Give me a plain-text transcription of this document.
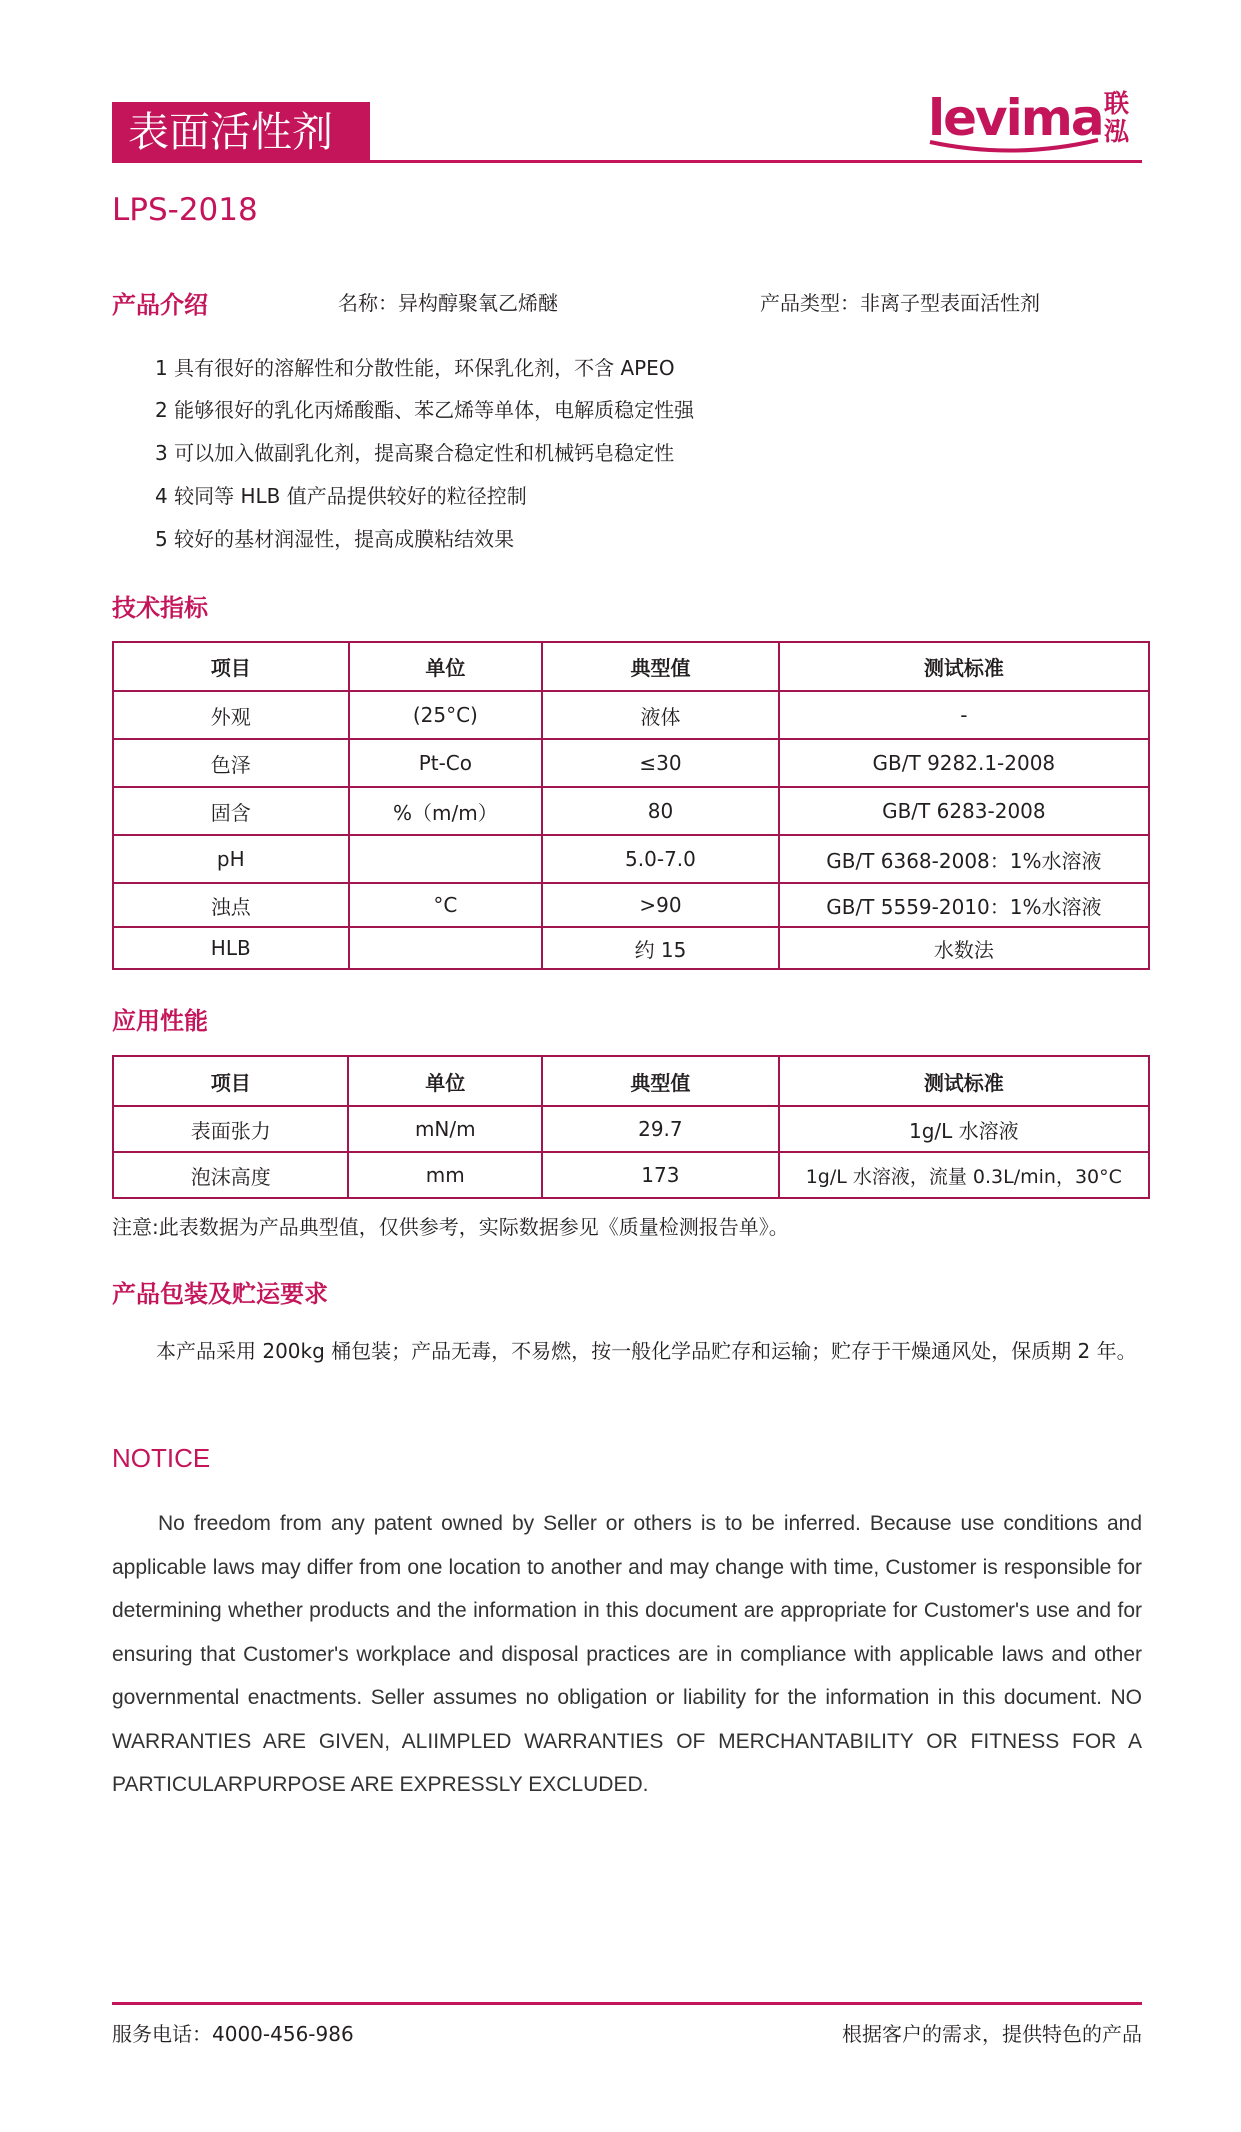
表面活性剂	levima 联泓
LPS-2018
产品介绍	名称：异构醇聚氧乙烯醚	产品类型：非离子型表面活性剂
1 具有很好的溶解性和分散性能，环保乳化剂，不含 APEO
2 能够很好的乳化丙烯酸酯、苯乙烯等单体，电解质稳定性强
3 可以加入做副乳化剂，提高聚合稳定性和机械钙皂稳定性
4 较同等 HLB 值产品提供较好的粒径控制
5 较好的基材润湿性，提高成膜粘结效果
技术指标
项目	单位	典型值	测试标准
外观	(25°C)	液体	-
色泽	Pt-Co	≤30	GB/T 9282.1-2008
固含	%（m/m）	80	GB/T 6283-2008
pH		5.0-7.0	GB/T 6368-2008：1%水溶液
浊点	°C	>90	GB/T 5559-2010：1%水溶液
HLB		约 15	水数法
应用性能
项目	单位	典型值	测试标准
表面张力	mN/m	29.7	1g/L 水溶液
泡沫高度	mm	173	1g/L 水溶液，流量 0.3L/min，30°C
注意:此表数据为产品典型值，仅供参考，实际数据参见《质量检测报告单》。
产品包装及贮运要求
本产品采用 200kg 桶包装；产品无毒，不易燃，按一般化学品贮存和运输；贮存于干燥通风处，保质期 2 年。
NOTICE
No freedom from any patent owned by Seller or others is to be inferred. Because use conditions and applicable laws may differ from one location to another and may change with time, Customer is responsible for determining whether products and the information in this document are appropriate for Customer's use and for ensuring that Customer's workplace and disposal practices are in compliance with applicable laws and other governmental enactments. Seller assumes no obligation or liability for the information in this document. NO WARRANTIES ARE GIVEN, ALIIMPLED WARRANTIES OF MERCHANTABILITY OR FITNESS FOR A PARTICULARPURPOSE ARE EXPRESSLY EXCLUDED.
服务电话：4000-456-986	根据客户的需求，提供特色的产品
